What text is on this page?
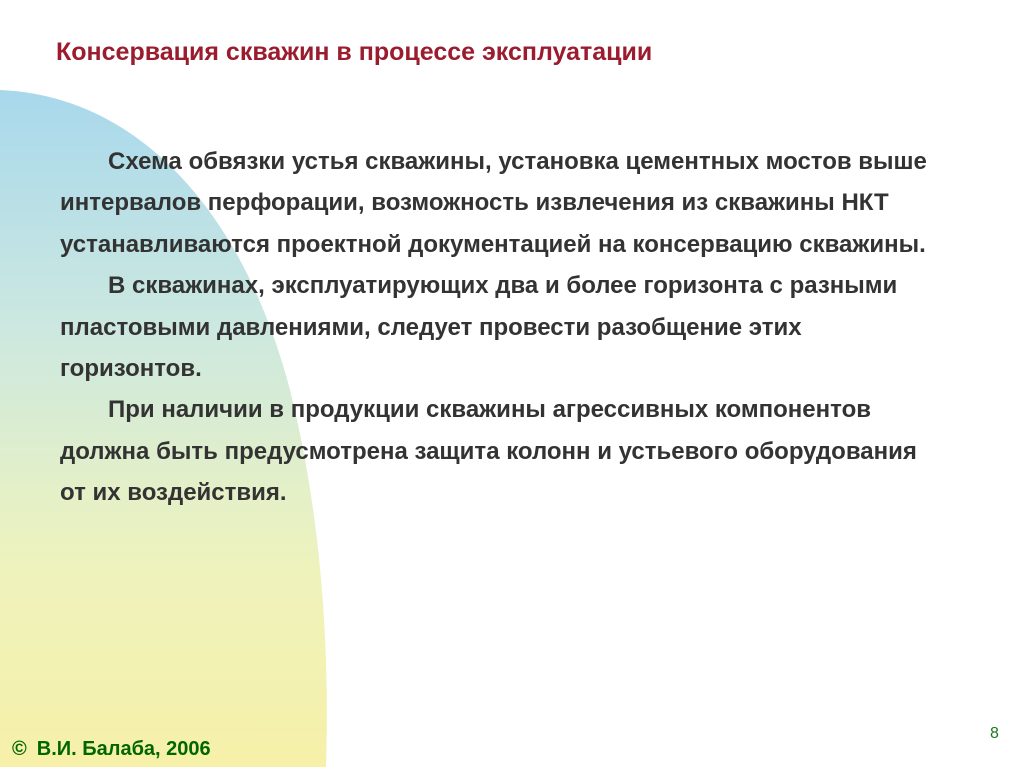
Консервация скважин в процессе эксплуатации

Схема обвязки устья скважины, установка цементных мостов выше интервалов перфорации, возможность извлечения из скважины НКТ устанавливаются проектной документацией на консервацию скважины.

В скважинах, эксплуатирующих два и более горизонта с разными пластовыми давлениями, следует провести разобщение этих горизонтов.

При наличии в продукции скважины агрессивных компонентов должна быть предусмотрена защита колонн и устьевого оборудования от их воздействия.

© В.И. Балаба, 2006
8
